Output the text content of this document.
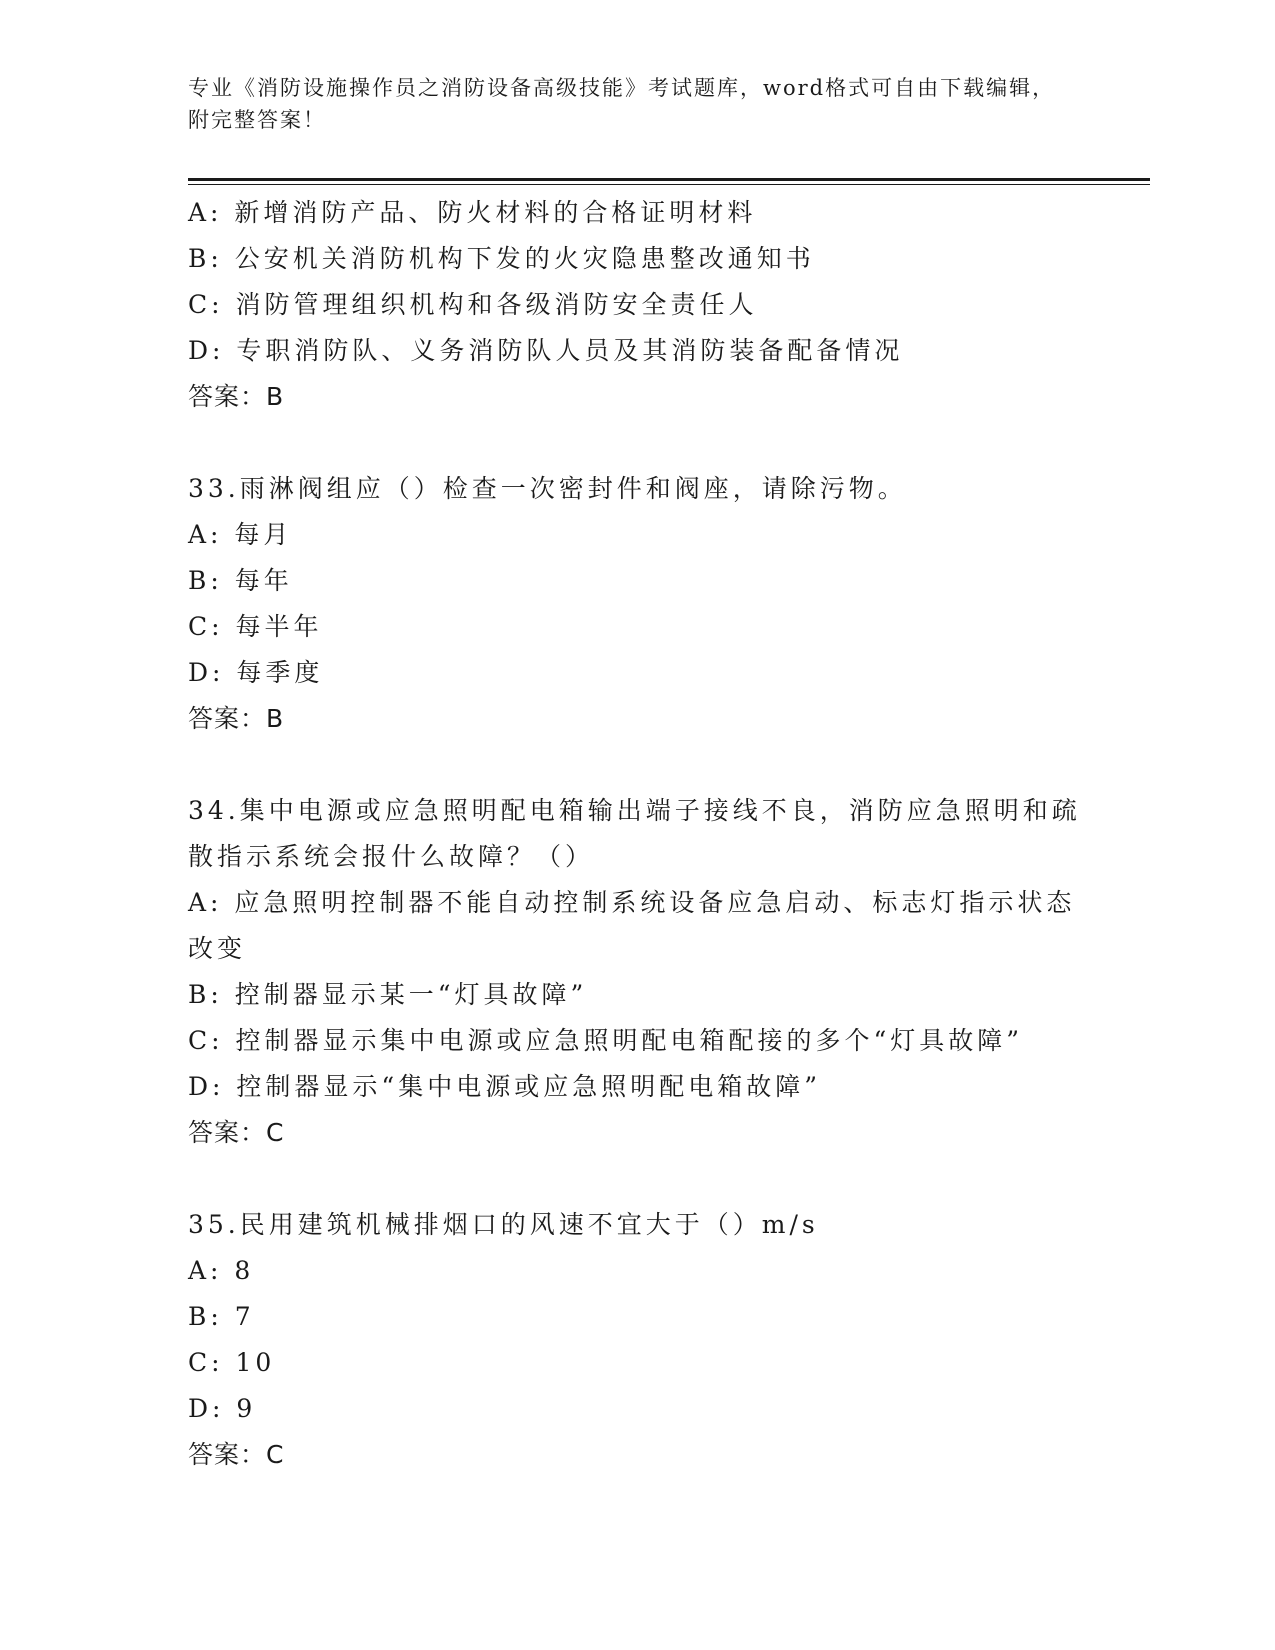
专业《消防设施操作员之消防设备高级技能》考试题库，word格式可自由下载编辑，附完整答案！
A: 新增消防产品、防火材料的合格证明材料
B: 公安机关消防机构下发的火灾隐患整改通知书
C: 消防管理组织机构和各级消防安全责任人
D: 专职消防队、义务消防队人员及其消防装备配备情况
答案：B
33.雨淋阀组应（）检查一次密封件和阀座，请除污物。
A: 每月
B: 每年
C: 每半年
D: 每季度
答案：B
34.集中电源或应急照明配电箱输出端子接线不良，消防应急照明和疏散指示系统会报什么故障？（）
A: 应急照明控制器不能自动控制系统设备应急启动、标志灯指示状态改变
B: 控制器显示某一“灯具故障”
C: 控制器显示集中电源或应急照明配电箱配接的多个“灯具故障”
D: 控制器显示“集中电源或应急照明配电箱故障”
答案：C
35.民用建筑机械排烟口的风速不宜大于（）m/s
A: 8
B: 7
C: 10
D: 9
答案：C
